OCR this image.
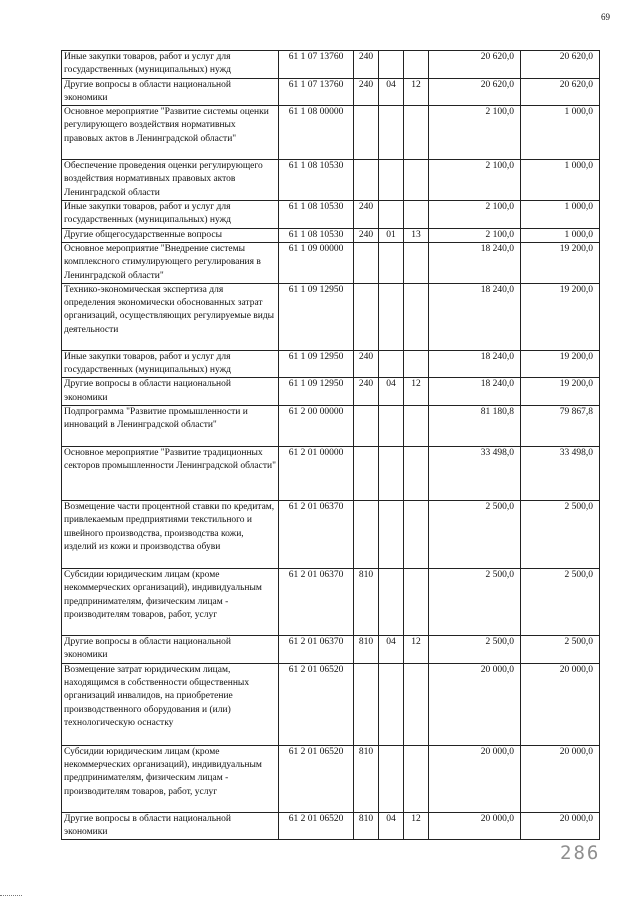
69
Иные закупки товаров, работ и услуг для государственных (муниципальных) нужд	61 1 07 13760	240			20 620,0	20 620,0
Другие вопросы в области национальной экономики	61 1 07 13760	240	04	12	20 620,0	20 620,0
Основное мероприятие "Развитие системы оценки регулирующего воздействия нормативных правовых актов в Ленинградской области"	61 1 08 00000				2 100,0	1 000,0
Обеспечение проведения оценки регулирующего воздействия нормативных правовых актов Ленинградской области	61 1 08 10530				2 100,0	1 000,0
Иные закупки товаров, работ и услуг для государственных (муниципальных) нужд	61 1 08 10530	240			2 100,0	1 000,0
Другие общегосударственные вопросы	61 1 08 10530	240	01	13	2 100,0	1 000,0
Основное мероприятие "Внедрение системы комплексного стимулирующего регулирования в Ленинградской области"	61 1 09 00000				18 240,0	19 200,0
Технико-экономическая экспертиза для определения экономически обоснованных затрат организаций, осуществляющих регулируемые виды деятельности	61 1 09 12950				18 240,0	19 200,0
Иные закупки товаров, работ и услуг для государственных (муниципальных) нужд	61 1 09 12950	240			18 240,0	19 200,0
Другие вопросы в области национальной экономики	61 1 09 12950	240	04	12	18 240,0	19 200,0
Подпрограмма "Развитие промышленности и инноваций в Ленинградской области"	61 2 00 00000				81 180,8	79 867,8
Основное мероприятие "Развитие традиционных секторов промышленности Ленинградской области"	61 2 01 00000				33 498,0	33 498,0
Возмещение части процентной ставки по кредитам, привлекаемым предприятиями текстильного и швейного производства, производства кожи, изделий из кожи и производства обуви	61 2 01 06370				2 500,0	2 500,0
Субсидии юридическим лицам (кроме некоммерческих организаций), индивидуальным предпринимателям, физическим лицам - производителям товаров, работ, услуг	61 2 01 06370	810			2 500,0	2 500,0
Другие вопросы в области национальной экономики	61 2 01 06370	810	04	12	2 500,0	2 500,0
Возмещение затрат юридическим лицам, находящимся в собственности общественных организаций инвалидов, на приобретение производственного оборудования и (или) технологическую оснастку	61 2 01 06520				20 000,0	20 000,0
Субсидии юридическим лицам (кроме некоммерческих организаций), индивидуальным предпринимателям, физическим лицам - производителям товаров, работ, услуг	61 2 01 06520	810			20 000,0	20 000,0
Другие вопросы в области национальной экономики	61 2 01 06520	810	04	12	20 000,0	20 000,0
286
